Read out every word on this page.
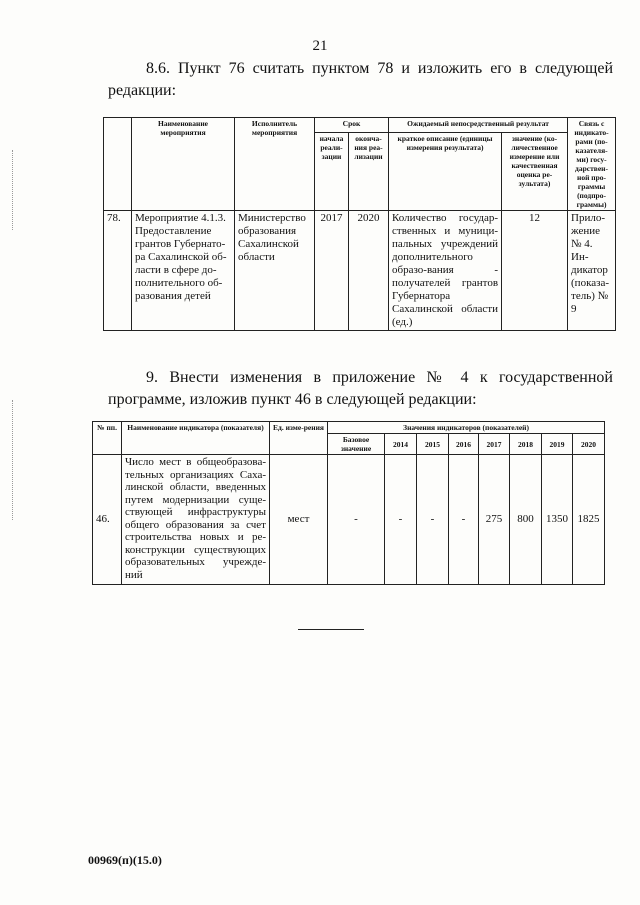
21
8.6. Пункт 76 считать пунктом 78 и изложить его в следующей редакции:
	Наименование мероприятия	Исполнитель мероприятия	Срок		Ожидаемый непосредственный результат		Связь с индикато-рами (по-казателя-ми) госу-дарствен-ной про-граммы (подпро-граммы)
			начала реали-зации	оконча-ния реа-лизации	краткое описание (единицы измерения результата)	значение (ко-личественное измерение или качественная оценка ре-зультата)	
78.	Мероприятие 4.1.3. Предоставление грантов Губернато-ра Сахалинской об-ласти в сфере до-полнительного об-разования детей	Министерство образования Сахалинской области	2017	2020	Количество государ-ственных и муници-пальных учреждений дополнительного образо-вания - получателей грантов Губернатора Сахалинской области (ед.)	12	Прило-жение № 4. Ин-дикатор (показа-тель) № 9
9. Внести изменения в приложение № 4 к государственной программе, изложив пункт 46 в следующей редакции:
№ пп.	Наименование индикатора (показателя)	Ед. изме-рения	Значения индикаторов (показателей)							
			Базовое значение	2014	2015	2016	2017	2018	2019	2020
46.	Число мест в общеобразова-тельных организациях Саха-линской области, введенных путем модернизации суще-ствующей инфраструктуры общего образования за счет строительства новых и ре-конструкции существующих образовательных учрежде-ний	мест	-	-	-	-	275	800	1350	1825
00969(п)(15.0)
